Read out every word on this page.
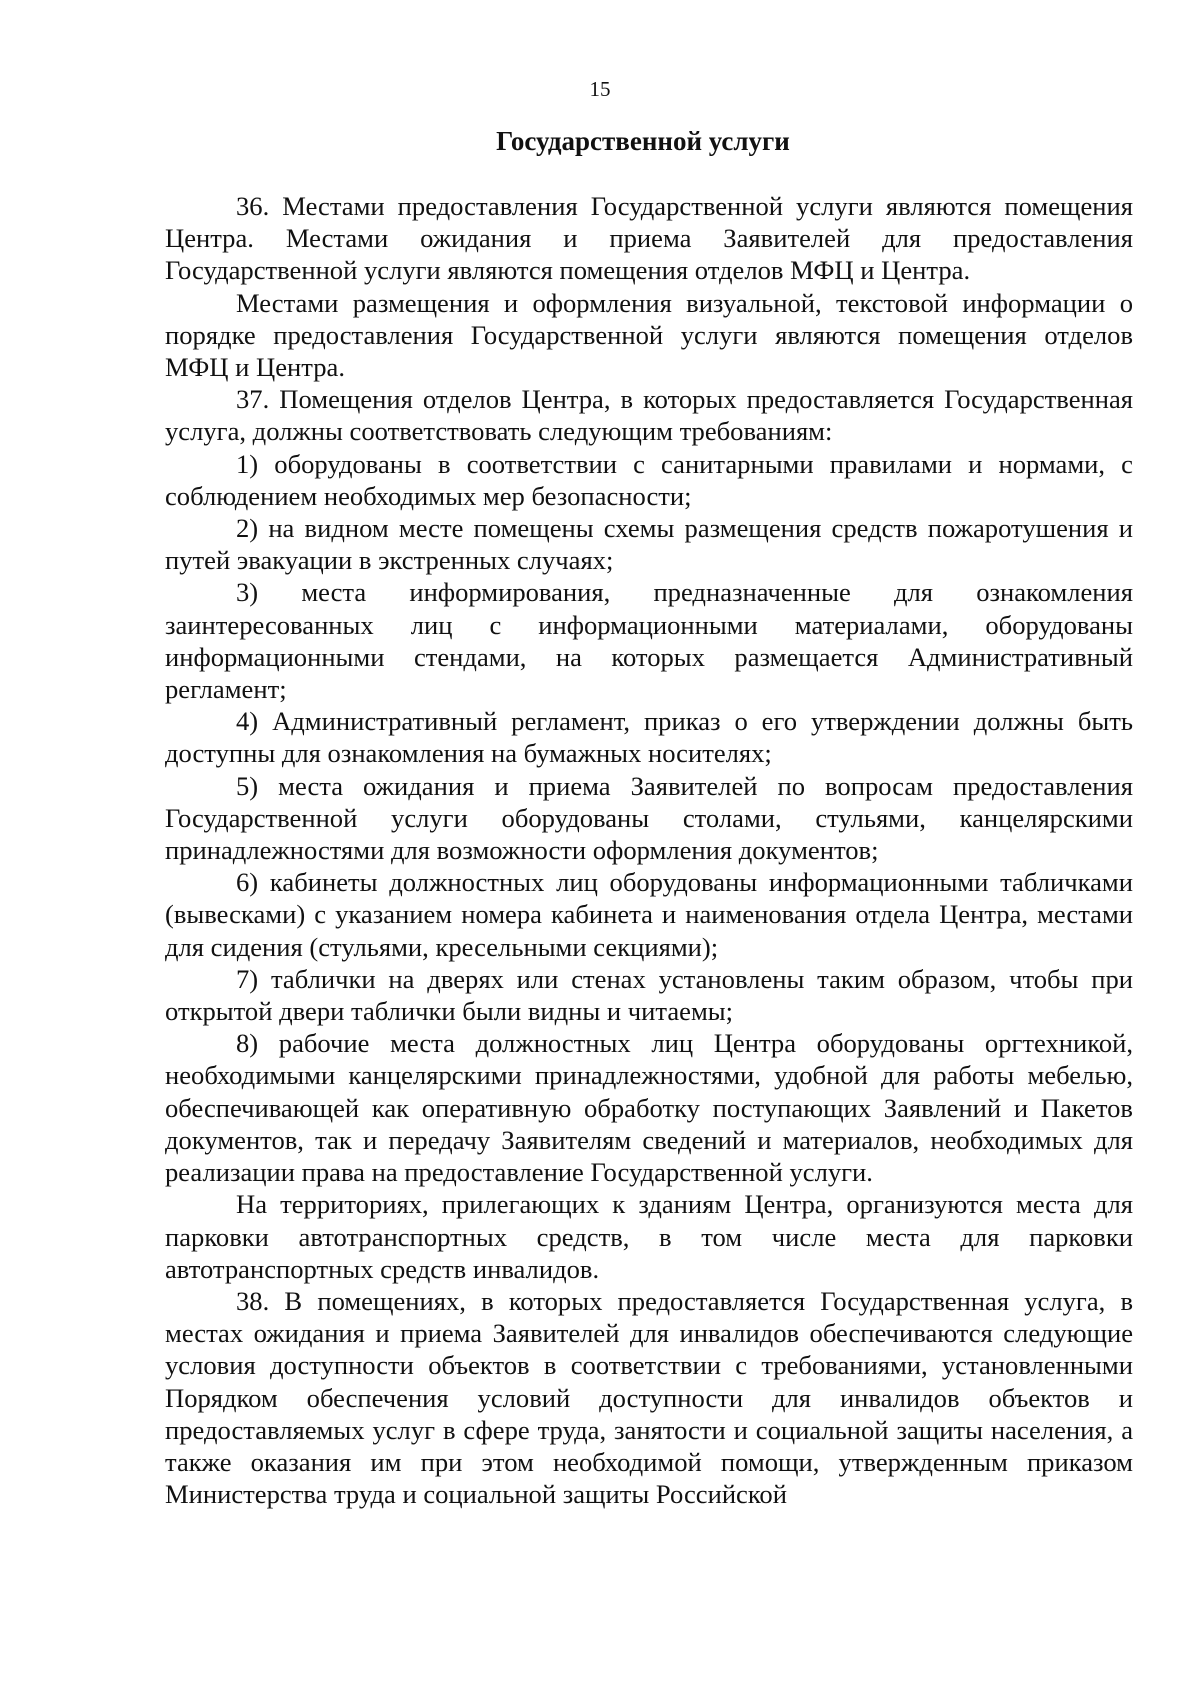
15
Государственной услуги

36. Местами предоставления Государственной услуги являются помещения Центра. Местами ожидания и приема Заявителей для предоставления Государственной услуги являются помещения отделов МФЦ и Центра.

Местами размещения и оформления визуальной, текстовой информации о порядке предоставления Государственной услуги являются помещения отделов МФЦ и Центра.

37. Помещения отделов Центра, в которых предоставляется Государственная услуга, должны соответствовать следующим требованиям:

1) оборудованы в соответствии с санитарными правилами и нормами, с соблюдением необходимых мер безопасности;

2) на видном месте помещены схемы размещения средств пожаротушения и путей эвакуации в экстренных случаях;

3) места информирования, предназначенные для ознакомления заинтересованных лиц с информационными материалами, оборудованы информационными стендами, на которых размещается Административный регламент;

4) Административный регламент, приказ о его утверждении должны быть доступны для ознакомления на бумажных носителях;

5) места ожидания и приема Заявителей по вопросам предоставления Государственной услуги оборудованы столами, стульями, канцелярскими принадлежностями для возможности оформления документов;

6) кабинеты должностных лиц оборудованы информационными табличками (вывесками) с указанием номера кабинета и наименования отдела Центра, местами для сидения (стульями, кресельными секциями);

7) таблички на дверях или стенах установлены таким образом, чтобы при открытой двери таблички были видны и читаемы;

8) рабочие места должностных лиц Центра оборудованы оргтехникой, необходимыми канцелярскими принадлежностями, удобной для работы мебелью, обеспечивающей как оперативную обработку поступающих Заявлений и Пакетов документов, так и передачу Заявителям сведений и материалов, необходимых для реализации права на предоставление Государственной услуги.

На территориях, прилегающих к зданиям Центра, организуются места для парковки автотранспортных средств, в том числе места для парковки автотранспортных средств инвалидов.

38. В помещениях, в которых предоставляется Государственная услуга, в местах ожидания и приема Заявителей для инвалидов обеспечиваются следующие условия доступности объектов в соответствии с требованиями, установленными Порядком обеспечения условий доступности для инвалидов объектов и предоставляемых услуг в сфере труда, занятости и социальной защиты населения, а также оказания им при этом необходимой помощи, утвержденным приказом Министерства труда и социальной защиты Российской
